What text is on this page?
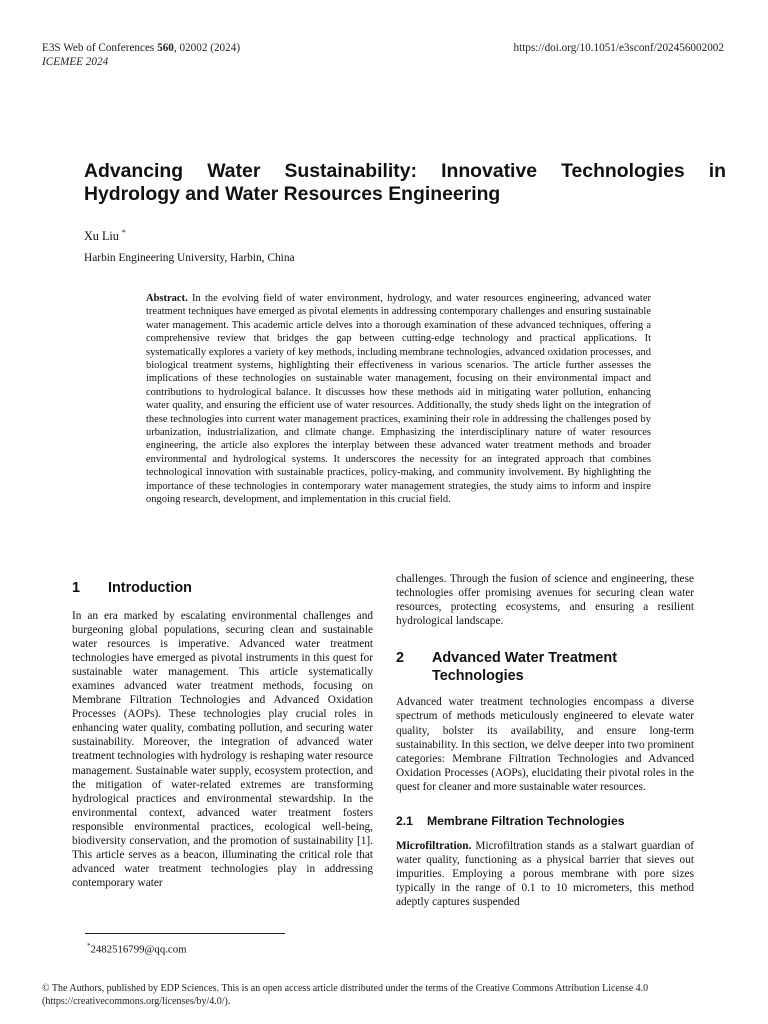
E3S Web of Conferences 560, 02002 (2024)
ICEMEE 2024
https://doi.org/10.1051/e3sconf/202456002002
Advancing Water Sustainability: Innovative Technologies in Hydrology and Water Resources Engineering
Xu Liu *
Harbin Engineering University, Harbin, China

Abstract. In the evolving field of water environment, hydrology, and water resources engineering, advanced water treatment techniques have emerged as pivotal elements in addressing contemporary challenges and ensuring sustainable water management. This academic article delves into a thorough examination of these advanced techniques, offering a comprehensive review that bridges the gap between cutting-edge technology and practical applications. It systematically explores a variety of key methods, including membrane technologies, advanced oxidation processes, and biological treatment systems, highlighting their effectiveness in various scenarios. The article further assesses the implications of these technologies on sustainable water management, focusing on their environmental impact and contributions to hydrological balance. It discusses how these methods aid in mitigating water pollution, enhancing water quality, and ensuring the efficient use of water resources. Additionally, the study sheds light on the integration of these technologies into current water management practices, examining their role in addressing the challenges posed by urbanization, industrialization, and climate change. Emphasizing the interdisciplinary nature of water resources engineering, the article also explores the interplay between these advanced water treatment methods and broader environmental and hydrological systems. It underscores the necessity for an integrated approach that combines technological innovation with sustainable practices, policy-making, and community involvement. By highlighting the importance of these technologies in contemporary water management strategies, the study aims to inform and inspire ongoing research, development, and implementation in this crucial field.

1	Introduction

In an era marked by escalating environmental challenges and burgeoning global populations, securing clean and sustainable water resources is imperative. Advanced water treatment technologies have emerged as pivotal instruments in this quest for sustainable water management. This article systematically examines advanced water treatment methods, focusing on Membrane Filtration Technologies and Advanced Oxidation Processes (AOPs). These technologies play crucial roles in enhancing water quality, combating pollution, and securing water sustainability. Moreover, the integration of advanced water treatment technologies with hydrology is reshaping water resource management. Sustainable water supply, ecosystem protection, and the mitigation of water-related extremes are transforming hydrological practices and environmental stewardship. In the environmental context, advanced water treatment fosters responsible environmental practices, ecological well-being, biodiversity conservation, and the promotion of sustainability [1]. This article serves as a beacon, illuminating the critical role that advanced water treatment technologies play in addressing contemporary water

challenges. Through the fusion of science and engineering, these technologies offer promising avenues for securing clean water resources, protecting ecosystems, and ensuring a resilient hydrological landscape.

2	Advanced Water Treatment Technologies

Advanced water treatment technologies encompass a diverse spectrum of methods meticulously engineered to elevate water quality, bolster its availability, and ensure long-term sustainability. In this section, we delve deeper into two prominent categories: Membrane Filtration Technologies and Advanced Oxidation Processes (AOPs), elucidating their pivotal roles in the quest for cleaner and more sustainable water resources.

2.1	Membrane Filtration Technologies

Microfiltration. Microfiltration stands as a stalwart guardian of water quality, functioning as a physical barrier that sieves out impurities. Employing a porous membrane with pore sizes typically in the range of 0.1 to 10 micrometers, this method adeptly captures suspended

*2482516799@qq.com
© The Authors, published by EDP Sciences. This is an open access article distributed under the terms of the Creative Commons Attribution License 4.0 (https://creativecommons.org/licenses/by/4.0/).
